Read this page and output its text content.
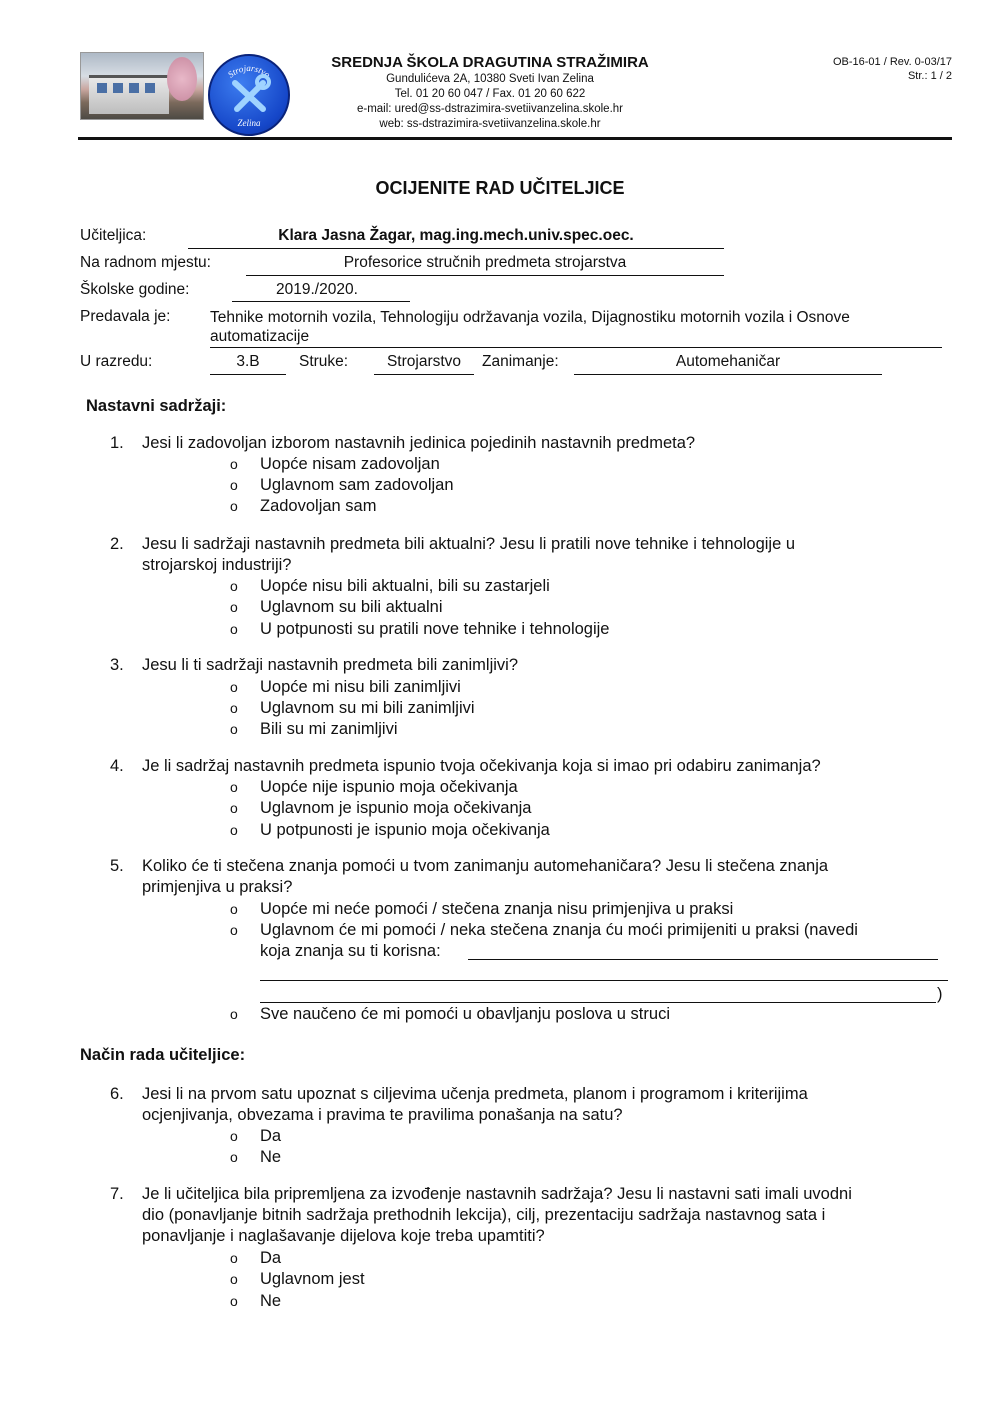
Strojarstvo
Zelina
SREDNJA ŠKOLA DRAGUTINA STRAŽIMIRA
Gundulićeva 2A, 10380 Sveti Ivan Zelina
Tel. 01 20 60 047 / Fax. 01 20 60 622
e-mail: ured@ss-dstrazimira-svetiivanzelina.skole.hr
web: ss-dstrazimira-svetiivanzelina.skole.hr
OB-16-01 / Rev. 0-03/17
Str.: 1 / 2
OCIJENITE RAD UČITELJICE
Učiteljica:	Klara Jasna Žagar, mag.ing.mech.univ.spec.oec.
Na radnom mjestu:	Profesorice stručnih predmeta strojarstva
Školske godine:	2019./2020.
Predavala je:	Tehnike motornih vozila, Tehnologiju održavanja vozila, Dijagnostiku motornih vozila i Osnove automatizacije
U razredu:	3.B	Struke:	Strojarstvo	Zanimanje:	Automehaničar
Nastavni sadržaji:
1.	Jesi li zadovoljan izborom nastavnih jedinica pojedinih nastavnih predmeta?
o Uopće nisam zadovoljan
o Uglavnom sam zadovoljan
o Zadovoljan sam
2.	Jesu li sadržaji nastavnih predmeta bili aktualni? Jesu li pratili nove tehnike i tehnologije u
strojarskoj industriji?
o Uopće nisu bili aktualni, bili su zastarjeli
o Uglavnom su bili aktualni
o U potpunosti su pratili nove tehnike i tehnologije
3.	Jesu li ti sadržaji nastavnih predmeta bili zanimljivi?
o Uopće mi nisu bili zanimljivi
o Uglavnom su mi bili zanimljivi
o Bili su mi zanimljivi
4.	Je li sadržaj nastavnih predmeta ispunio tvoja očekivanja koja si imao pri odabiru zanimanja?
o Uopće nije ispunio moja očekivanja
o Uglavnom je ispunio moja očekivanja
o U potpunosti je ispunio moja očekivanja
5.	Koliko će ti stečena znanja pomoći u tvom zanimanju automehaničara? Jesu li stečena znanja
primjenjiva u praksi?
o Uopće mi neće pomoći / stečena znanja nisu primjenjiva u praksi
o Uglavnom će mi pomoći / neka stečena znanja ću moći primijeniti u praksi (navedi
koja znanja su ti korisna:
)
o Sve naučeno će mi pomoći u obavljanju poslova u struci
Način rada učiteljice:
6.	Jesi li na prvom satu upoznat s ciljevima učenja predmeta, planom i programom i kriterijima
ocjenjivanja, obvezama i pravima te pravilima ponašanja na satu?
o Da
o Ne
7.	Je li učiteljica bila pripremljena za izvođenje nastavnih sadržaja? Jesu li nastavni sati imali uvodni
dio (ponavljanje bitnih sadržaja prethodnih lekcija), cilj, prezentaciju sadržaja nastavnog sata i
ponavljanje i naglašavanje dijelova koje treba upamtiti?
o Da
o Uglavnom jest
o Ne
